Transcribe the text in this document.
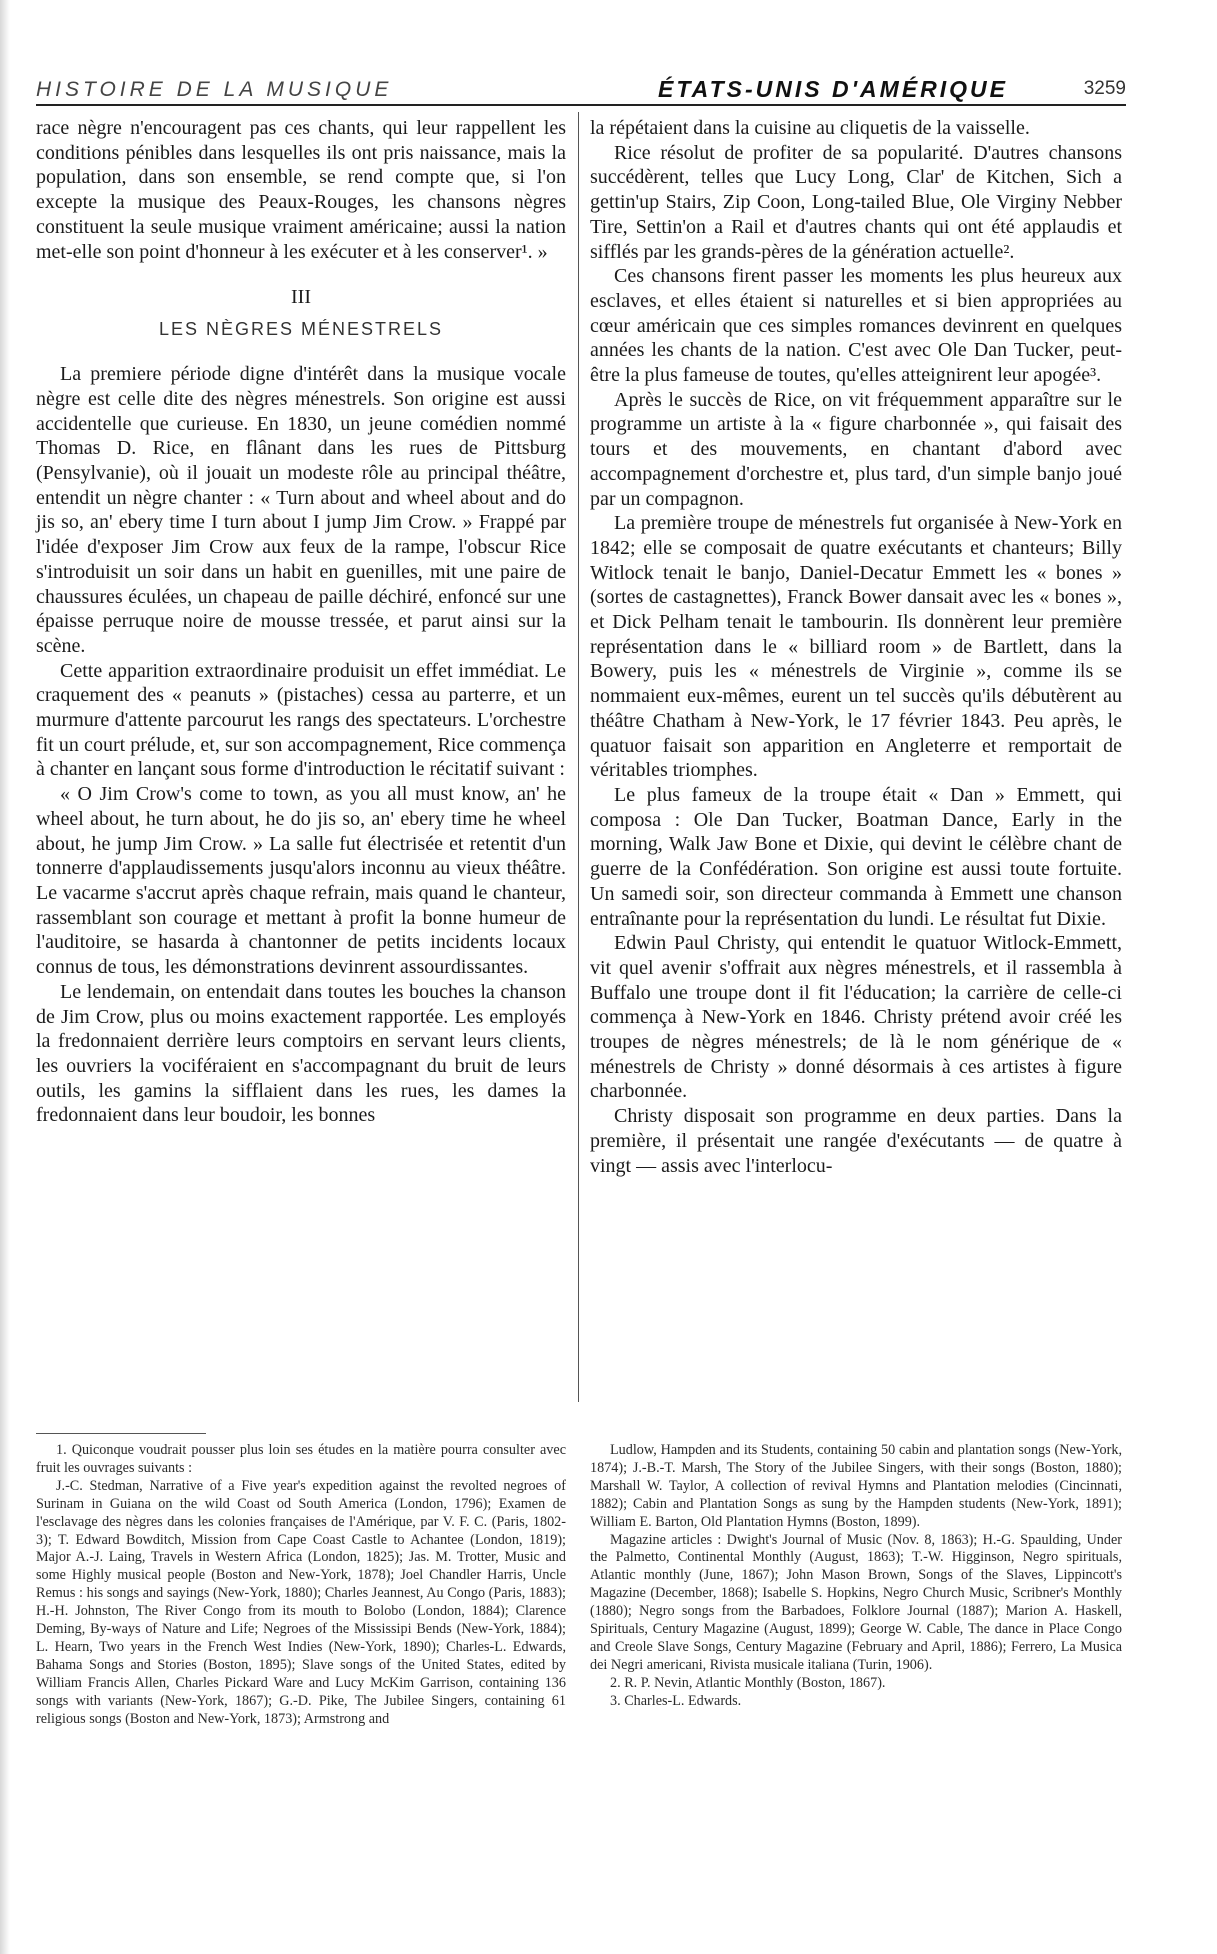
HISTOIRE DE LA MUSIQUE	ÉTATS-UNIS D'AMÉRIQUE	3259

race nègre n'encouragent pas ces chants, qui leur rappellent les conditions pénibles dans lesquelles ils ont pris naissance, mais la population, dans son ensemble, se rend compte que, si l'on excepte la musique des Peaux-Rouges, les chansons nègres constituent la seule musique vraiment américaine; aussi la nation met-elle son point d'honneur à les exécuter et à les conserver¹. »

III
LES NÈGRES MÉNESTRELS

La premiere période digne d'intérêt dans la musique vocale nègre est celle dite des nègres ménestrels. Son origine est aussi accidentelle que curieuse. En 1830, un jeune comédien nommé Thomas D. Rice, en flânant dans les rues de Pittsburg (Pensylvanie), où il jouait un modeste rôle au principal théâtre, entendit un nègre chanter : « Turn about and wheel about and do jis so, an' ebery time I turn about I jump Jim Crow. » Frappé par l'idée d'exposer Jim Crow aux feux de la rampe, l'obscur Rice s'introduisit un soir dans un habit en guenilles, mit une paire de chaussures éculées, un chapeau de paille déchiré, enfoncé sur une épaisse perruque noire de mousse tressée, et parut ainsi sur la scène.

Cette apparition extraordinaire produisit un effet immédiat. Le craquement des « peanuts » (pistaches) cessa au parterre, et un murmure d'attente parcourut les rangs des spectateurs. L'orchestre fit un court prélude, et, sur son accompagnement, Rice commença à chanter en lançant sous forme d'introduction le récitatif suivant :

« O Jim Crow's come to town, as you all must know, an' he wheel about, he turn about, he do jis so, an' ebery time he wheel about, he jump Jim Crow. » La salle fut électrisée et retentit d'un tonnerre d'applaudissements jusqu'alors inconnu au vieux théâtre. Le vacarme s'accrut après chaque refrain, mais quand le chanteur, rassemblant son courage et mettant à profit la bonne humeur de l'auditoire, se hasarda à chantonner de petits incidents locaux connus de tous, les démonstrations devinrent assourdissantes.

Le lendemain, on entendait dans toutes les bouches la chanson de Jim Crow, plus ou moins exactement rapportée. Les employés la fredonnaient derrière leurs comptoirs en servant leurs clients, les ouvriers la vociféraient en s'accompagnant du bruit de leurs outils, les gamins la sifflaient dans les rues, les dames la fredonnaient dans leur boudoir, les bonnes

la répétaient dans la cuisine au cliquetis de la vaisselle.

Rice résolut de profiter de sa popularité. D'autres chansons succédèrent, telles que Lucy Long, Clar' de Kitchen, Sich a gettin'up Stairs, Zip Coon, Long-tailed Blue, Ole Virginy Nebber Tire, Settin'on a Rail et d'autres chants qui ont été applaudis et sifflés par les grands-pères de la génération actuelle².

Ces chansons firent passer les moments les plus heureux aux esclaves, et elles étaient si naturelles et si bien appropriées au cœur américain que ces simples romances devinrent en quelques années les chants de la nation. C'est avec Ole Dan Tucker, peut-être la plus fameuse de toutes, qu'elles atteignirent leur apogée³.

Après le succès de Rice, on vit fréquemment apparaître sur le programme un artiste à la « figure charbonnée », qui faisait des tours et des mouvements, en chantant d'abord avec accompagnement d'orchestre et, plus tard, d'un simple banjo joué par un compagnon.

La première troupe de ménestrels fut organisée à New-York en 1842; elle se composait de quatre exécutants et chanteurs; Billy Witlock tenait le banjo, Daniel-Decatur Emmett les « bones » (sortes de castagnettes), Franck Bower dansait avec les « bones », et Dick Pelham tenait le tambourin. Ils donnèrent leur première représentation dans le « billiard room » de Bartlett, dans la Bowery, puis les « ménestrels de Virginie », comme ils se nommaient eux-mêmes, eurent un tel succès qu'ils débutèrent au théâtre Chatham à New-York, le 17 février 1843. Peu après, le quatuor faisait son apparition en Angleterre et remportait de véritables triomphes.

Le plus fameux de la troupe était « Dan » Emmett, qui composa : Ole Dan Tucker, Boatman Dance, Early in the morning, Walk Jaw Bone et Dixie, qui devint le célèbre chant de guerre de la Confédération. Son origine est aussi toute fortuite. Un samedi soir, son directeur commanda à Emmett une chanson entraînante pour la représentation du lundi. Le résultat fut Dixie.

Edwin Paul Christy, qui entendit le quatuor Witlock-Emmett, vit quel avenir s'offrait aux nègres ménestrels, et il rassembla à Buffalo une troupe dont il fit l'éducation; la carrière de celle-ci commença à New-York en 1846. Christy prétend avoir créé les troupes de nègres ménestrels; de là le nom générique de « ménestrels de Christy » donné désormais à ces artistes à figure charbonnée.

Christy disposait son programme en deux parties. Dans la première, il présentait une rangée d'exécutants — de quatre à vingt — assis avec l'interlocu-

1. Quiconque voudrait pousser plus loin ses études en la matière pourra consulter avec fruit les ouvrages suivants :

J.-C. Stedman, Narrative of a Five year's expedition against the revolted negroes of Surinam in Guiana on the wild Coast od South America (London, 1796); Examen de l'esclavage des nègres dans les colonies françaises de l'Amérique, par V. F. C. (Paris, 1802-3); T. Edward Bowditch, Mission from Cape Coast Castle to Achantee (London, 1819); Major A.-J. Laing, Travels in Western Africa (London, 1825); Jas. M. Trotter, Music and some Highly musical people (Boston and New-York, 1878); Joel Chandler Harris, Uncle Remus : his songs and sayings (New-York, 1880); Charles Jeannest, Au Congo (Paris, 1883); H.-H. Johnston, The River Congo from its mouth to Bolobo (London, 1884); Clarence Deming, By-ways of Nature and Life; Negroes of the Mississipi Bends (New-York, 1884); L. Hearn, Two years in the French West Indies (New-York, 1890); Charles-L. Edwards, Bahama Songs and Stories (Boston, 1895); Slave songs of the United States, edited by William Francis Allen, Charles Pickard Ware and Lucy McKim Garrison, containing 136 songs with variants (New-York, 1867); G.-D. Pike, The Jubilee Singers, containing 61 religious songs (Boston and New-York, 1873); Armstrong and

Ludlow, Hampden and its Students, containing 50 cabin and plantation songs (New-York, 1874); J.-B.-T. Marsh, The Story of the Jubilee Singers, with their songs (Boston, 1880); Marshall W. Taylor, A collection of revival Hymns and Plantation melodies (Cincinnati, 1882); Cabin and Plantation Songs as sung by the Hampden students (New-York, 1891); William E. Barton, Old Plantation Hymns (Boston, 1899).

Magazine articles : Dwight's Journal of Music (Nov. 8, 1863); H.-G. Spaulding, Under the Palmetto, Continental Monthly (August, 1863); T.-W. Higginson, Negro spirituals, Atlantic monthly (June, 1867); John Mason Brown, Songs of the Slaves, Lippincott's Magazine (December, 1868); Isabelle S. Hopkins, Negro Church Music, Scribner's Monthly (1880); Negro songs from the Barbadoes, Folklore Journal (1887); Marion A. Haskell, Spirituals, Century Magazine (August, 1899); George W. Cable, The dance in Place Congo and Creole Slave Songs, Century Magazine (February and April, 1886); Ferrero, La Musica dei Negri americani, Rivista musicale italiana (Turin, 1906).

2. R. P. Nevin, Atlantic Monthly (Boston, 1867).

3. Charles-L. Edwards.
